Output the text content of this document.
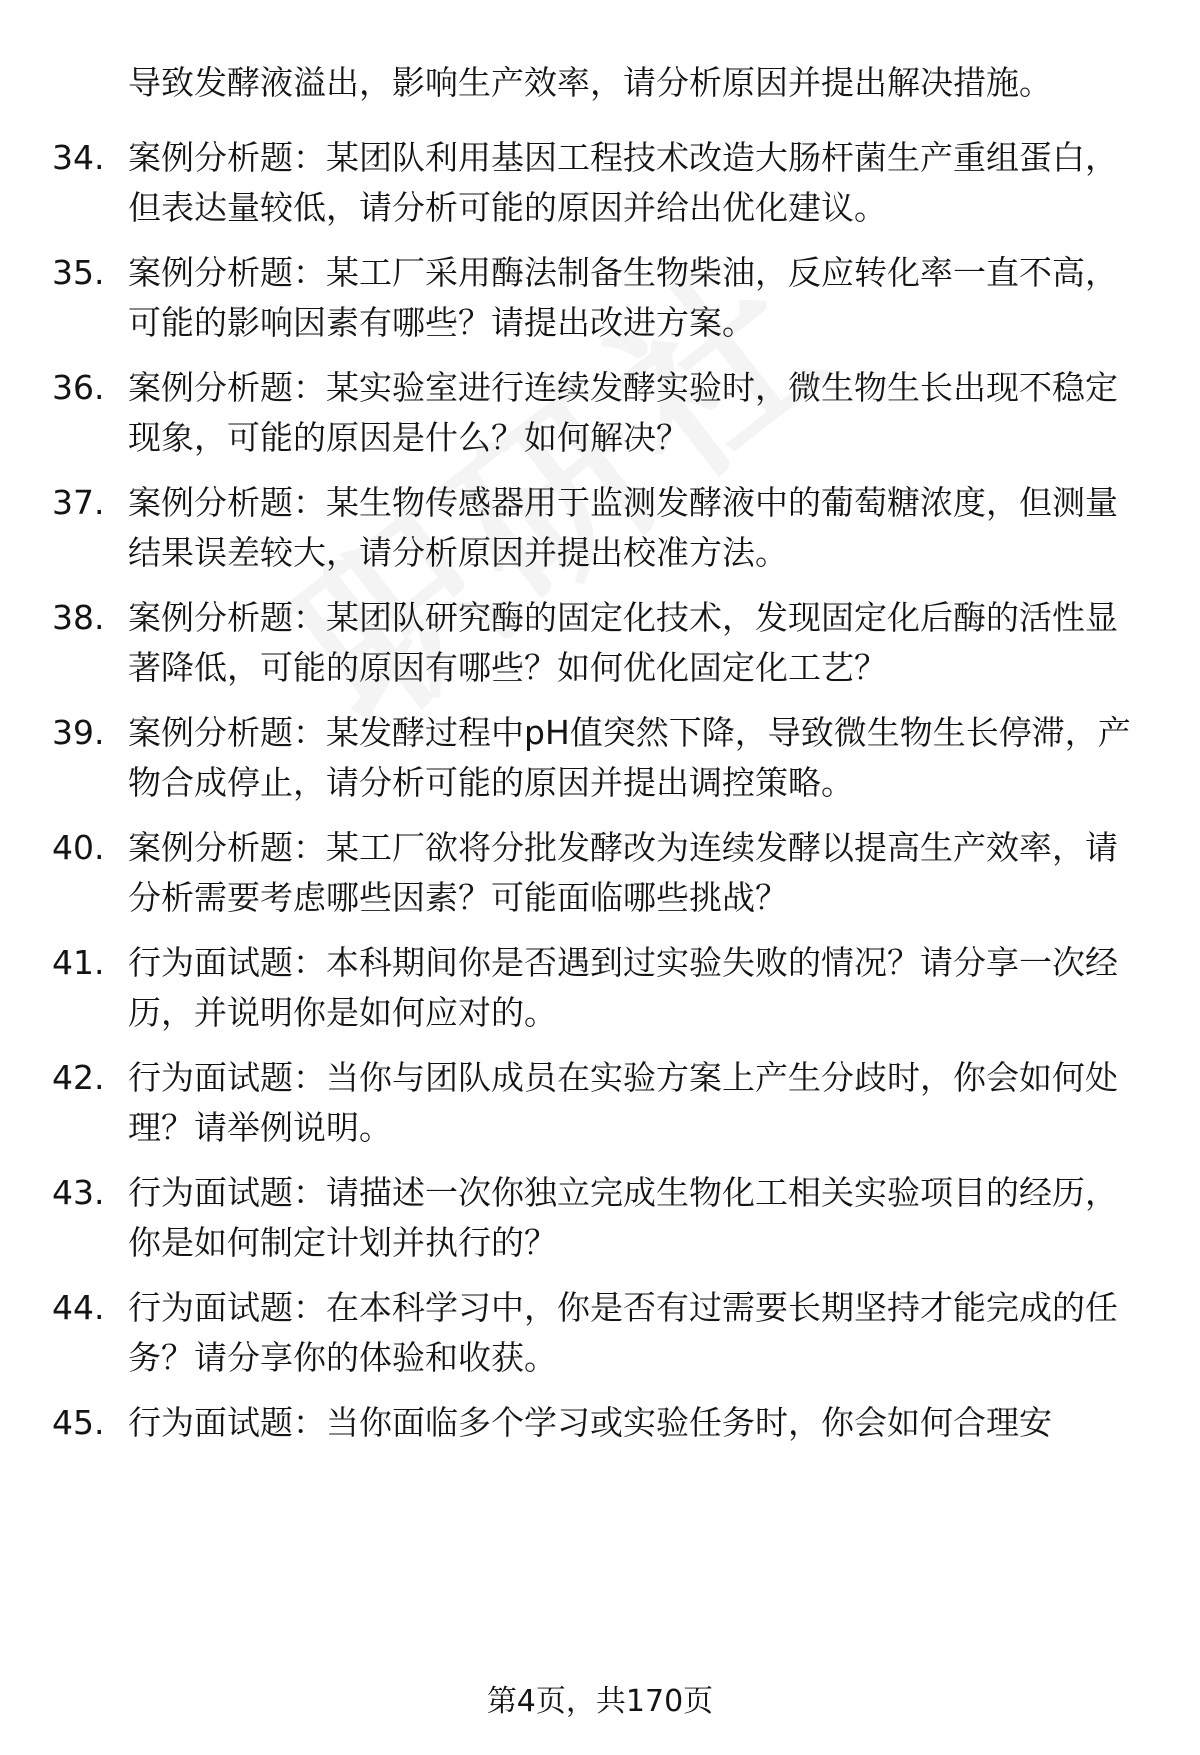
导致发酵液溢出，影响生产效率，请分析原因并提出解决措施。

34. 案例分析题：某团队利用基因工程技术改造大肠杆菌生产重组蛋白，但表达量较低，请分析可能的原因并给出优化建议。

35. 案例分析题：某工厂采用酶法制备生物柴油，反应转化率一直不高，可能的影响因素有哪些？请提出改进方案。

36. 案例分析题：某实验室进行连续发酵实验时，微生物生长出现不稳定现象，可能的原因是什么？如何解决？

37. 案例分析题：某生物传感器用于监测发酵液中的葡萄糖浓度，但测量结果误差较大，请分析原因并提出校准方法。

38. 案例分析题：某团队研究酶的固定化技术，发现固定化后酶的活性显著降低，可能的原因有哪些？如何优化固定化工艺？

39. 案例分析题：某发酵过程中pH值突然下降，导致微生物生长停滞，产物合成停止，请分析可能的原因并提出调控策略。

40. 案例分析题：某工厂欲将分批发酵改为连续发酵以提高生产效率，请分析需要考虑哪些因素？可能面临哪些挑战？

41. 行为面试题：本科期间你是否遇到过实验失败的情况？请分享一次经历，并说明你是如何应对的。

42. 行为面试题：当你与团队成员在实验方案上产生分歧时，你会如何处理？请举例说明。

43. 行为面试题：请描述一次你独立完成生物化工相关实验项目的经历，你是如何制定计划并执行的？

44. 行为面试题：在本科学习中，你是否有过需要长期坚持才能完成的任务？请分享你的体验和收获。

45. 行为面试题：当你面临多个学习或实验任务时，你会如何合理安

第4页，共170页
